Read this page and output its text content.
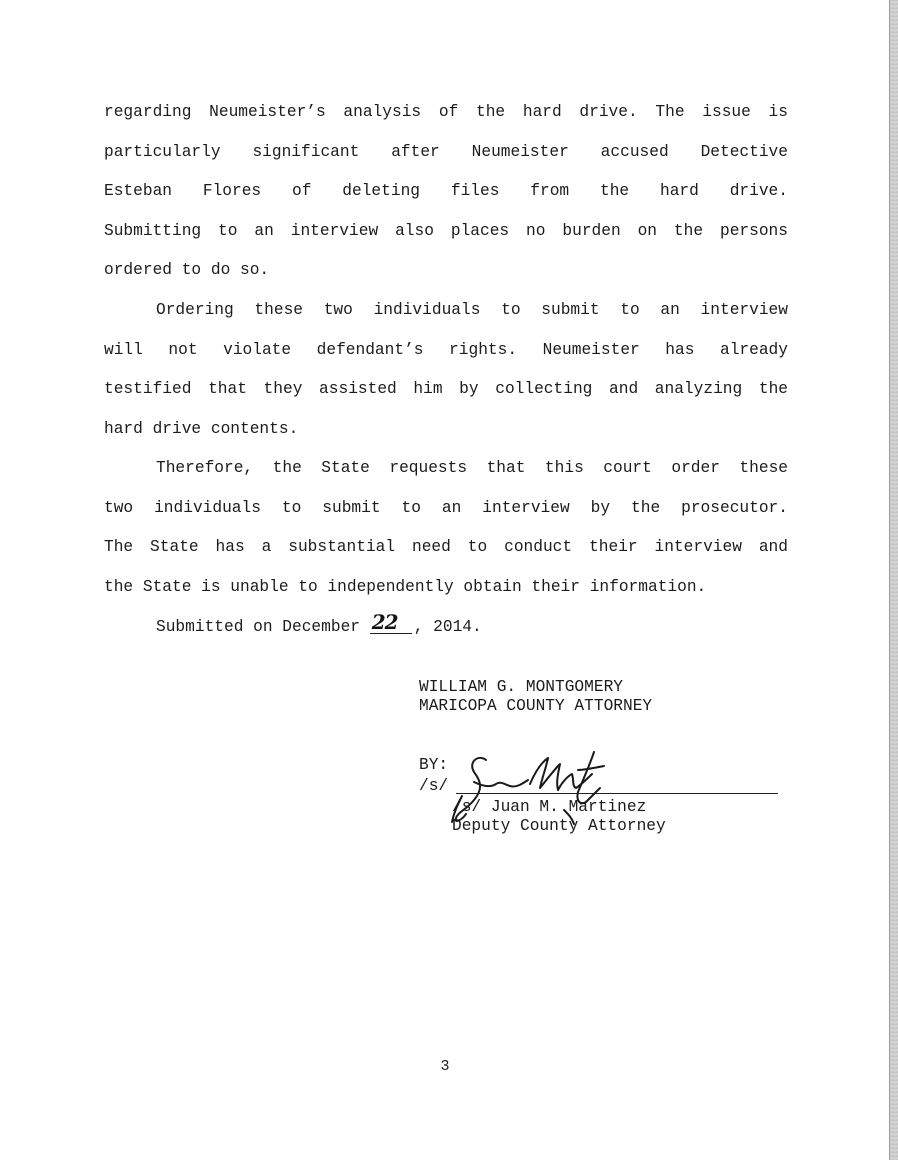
regarding Neumeister’s analysis of the hard drive. The issue is
particularly significant after Neumeister accused Detective
Esteban Flores of deleting files from the hard drive.
Submitting to an interview also places no burden on the persons
ordered to do so.
Ordering these two individuals to submit to an interview
will not violate defendant’s rights. Neumeister has already
testified that they assisted him by collecting and analyzing the
hard drive contents.
Therefore, the State requests that this court order these
two individuals to submit to an interview by the prosecutor.
The State has a substantial need to conduct their interview and
the State is unable to independently obtain their information.
Submitted on December 22 , 2014.
WILLIAM G. MONTGOMERY
MARICOPA COUNTY ATTORNEY
BY:
/s/
/s/ Juan M. Martinez
Deputy County Attorney
3
